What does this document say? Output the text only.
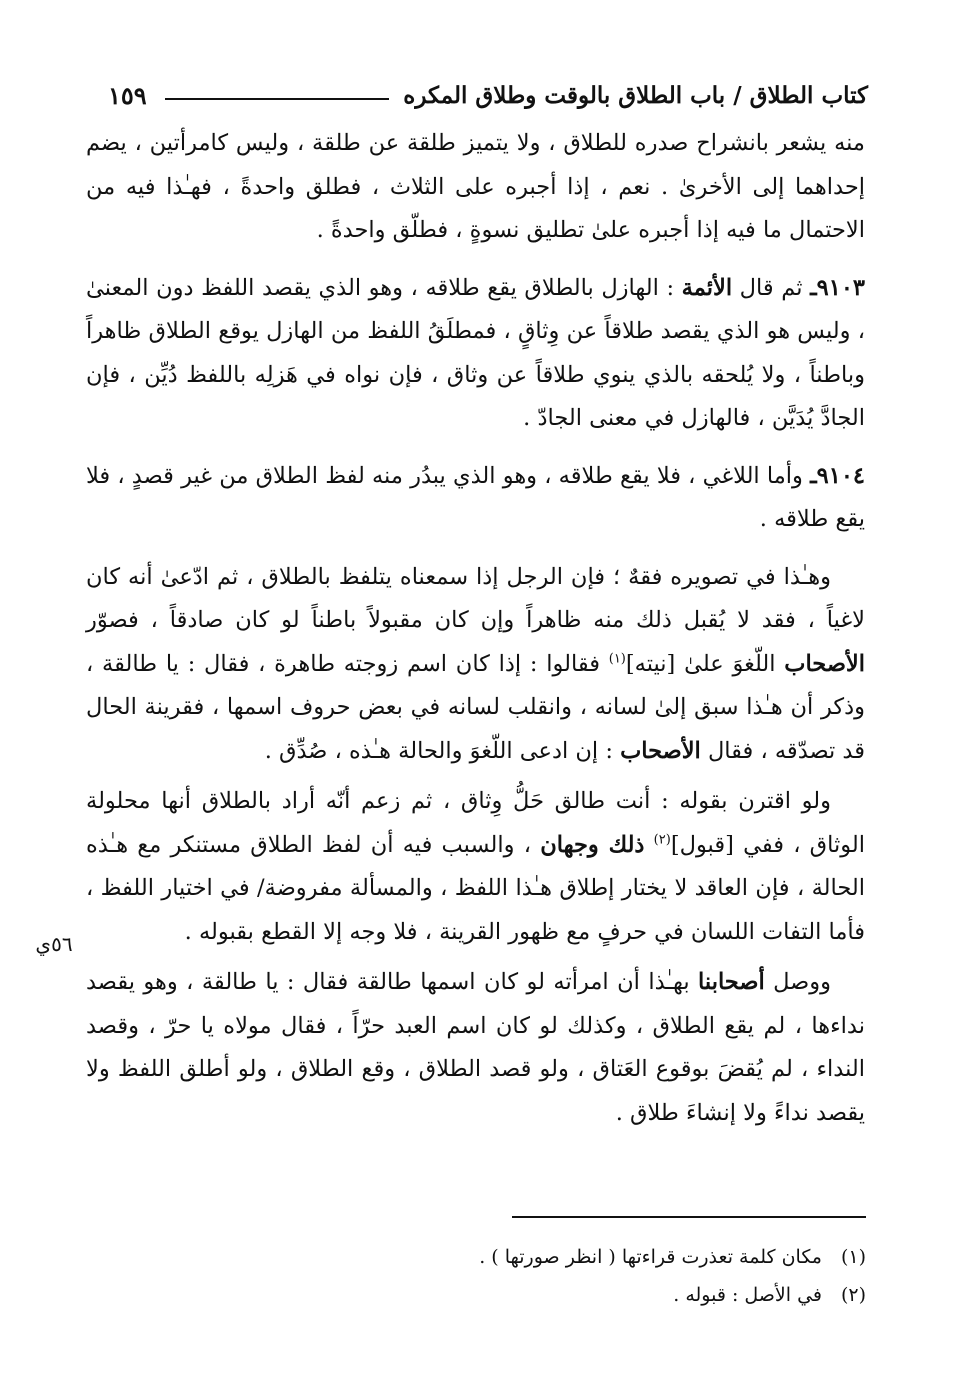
كتاب الطلاق / باب الطلاق بالوقت وطلاق المكره
١٥٩

منه يشعر بانشراح صدره للطلاق ، ولا يتميز طلقة عن طلقة ، وليس كامرأتين ، يضم إحداهما إلى الأخرىٰ . نعم ، إذا أجبره على الثلاث ، فطلق واحدةً ، فهـٰذا فيه من الاحتمال ما فيه إذا أجبره علىٰ تطليق نسوةٍ ، فطلّق واحدةً .

٩١٠٣ـ ثم قال الأئمة : الهازل بالطلاق يقع طلاقه ، وهو الذي يقصد اللفظ دون المعنىٰ ، وليس هو الذي يقصد طلاقاً عن وِثاقٍ ، فمطلَقُ اللفظ من الهازل يوقع الطلاق ظاهراً وباطناً ، ولا يُلحقه بالذي ينوي طلاقاً عن وثاق ، فإن نواه في هَزلِه باللفظ دُيِّن ، فإن الجادَّ يُدَيَّن ، فالهازل في معنى الجادّ .

٩١٠٤ـ وأما اللاغي ، فلا يقع طلاقه ، وهو الذي يبدُر منه لفظ الطلاق من غير قصدٍ ، فلا يقع طلاقه .

وهـٰذا في تصويره فقهٌ ؛ فإن الرجل إذا سمعناه يتلفظ بالطلاق ، ثم ادّعىٰ أنه كان لاغياً ، فقد لا يُقبل ذلك منه ظاهراً وإن كان مقبولاً باطناً لو كان صادقاً ، فصوّر الأصحاب اللّغوَ علىٰ [نيته]$^{(١)}$ فقالوا : إذا كان اسم زوجته طاهرة ، فقال : يا طالقة ، وذكر أن هـٰذا سبق إلىٰ لسانه ، وانقلب لسانه في بعض حروف اسمها ، فقرينة الحال قد تصدّقه ، فقال الأصحاب : إن ادعى اللّغوَ والحالة هـٰذه ، صُدِّق .

ولو اقترن بقوله : أنت طالق حَلُّ وِثاق ، ثم زعم أنّه أراد بالطلاق أنها محلولة الوثاق ، ففي [قبول]$^{(٢)}$ ذلك وجهان ، والسبب فيه أن لفظ الطلاق مستنكر مع هـٰذه الحالة ، فإن العاقد لا يختار إطلاق هـٰذا اللفظ ، والمسألة مفروضة/ في اختيار اللفظ ، فأما التفات اللسان في حرفٍ مع ظهور القرينة ، فلا وجه إلا القطع بقبوله .

ووصل أصحابنا بهـٰذا أن امرأته لو كان اسمها طالقة فقال : يا طالقة ، وهو يقصد نداءها ، لم يقع الطلاق ، وكذلك لو كان اسم العبد حرّاً ، فقال مولاه يا حرّ ، وقصد النداء ، لم يُقضَ بوقوع العَتاق ، ولو قصد الطلاق ، وقع الطلاق ، ولو أطلق اللفظ ولا يقصد نداءً ولا إنشاءَ طلاق .

٥٦ي
(١)
مكان كلمة تعذرت قراءتها ( انظر صورتها ) .
(٢)
في الأصل : قبوله .
